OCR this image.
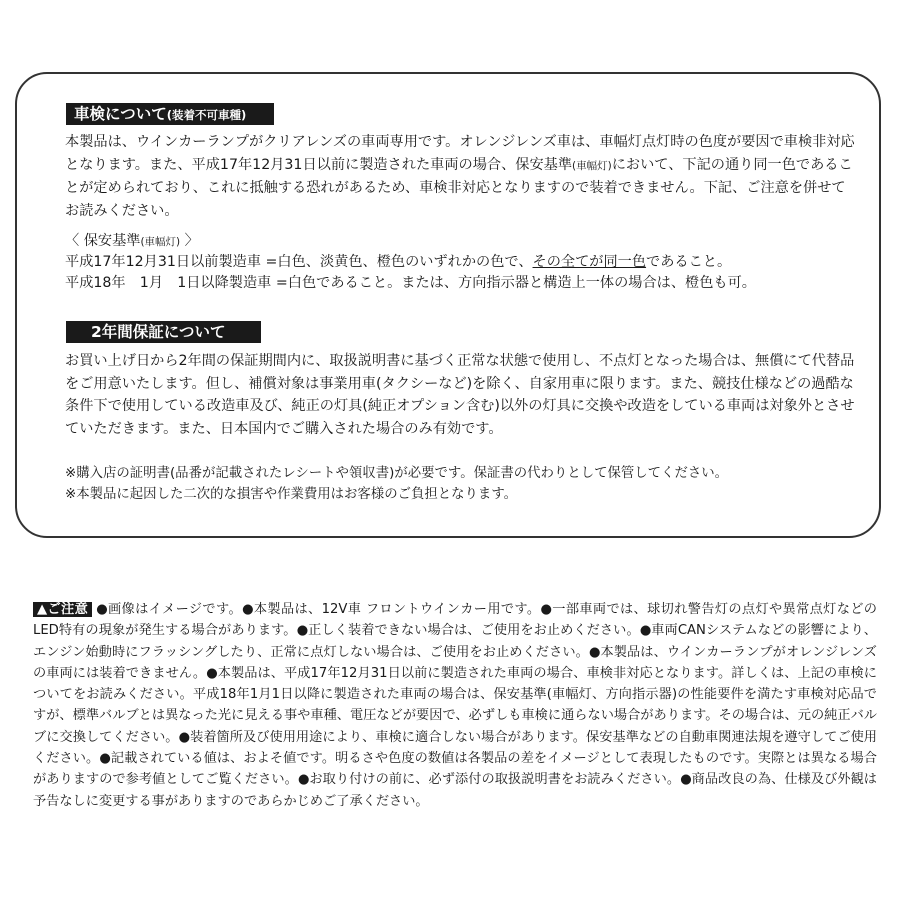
車検について(装着不可車種)

本製品は、ウインカーランプがクリアレンズの車両専用です。オレンジレンズ車は、車幅灯点灯時の色度が要因で車検非対応となります。また、平成17年12月31日以前に製造された車両の場合、保安基準(車幅灯)において、下記の通り同一色であることが定められており、これに抵触する恐れがあるため、車検非対応となりますので装着できません。下記、ご注意を併せてお読みください。

〈 保安基準(車幅灯) 〉
平成17年12月31日以前製造車 =白色、淡黄色、橙色のいずれかの色で、その全てが同一色であること。
平成18年　1月　1日以降製造車 =白色であること。または、方向指示器と構造上一体の場合は、橙色も可。
2年間保証について

お買い上げ日から2年間の保証期間内に、取扱説明書に基づく正常な状態で使用し、不点灯となった場合は、無償にて代替品をご用意いたします。但し、補償対象は事業用車(タクシーなど)を除く、自家用車に限ります。また、競技仕様などの過酷な条件下で使用している改造車及び、純正の灯具(純正オプション含む)以外の灯具に交換や改造をしている車両は対象外とさせていただきます。また、日本国内でご購入された場合のみ有効です。

※購入店の証明書(品番が記載されたレシートや領収書)が必要です。保証書の代わりとして保管してください。
※本製品に起因した二次的な損害や作業費用はお客様のご負担となります。

▲ご注意 ●画像はイメージです。●本製品は、12V車 フロントウインカー用です。●一部車両では、球切れ警告灯の点灯や異常点灯などのLED特有の現象が発生する場合があります。●正しく装着できない場合は、ご使用をお止めください。●車両CANシステムなどの影響により、エンジン始動時にフラッシングしたり、正常に点灯しない場合は、ご使用をお止めください。●本製品は、ウインカーランプがオレンジレンズの車両には装着できません。●本製品は、平成17年12月31日以前に製造された車両の場合、車検非対応となります。詳しくは、上記の車検についてをお読みください。平成18年1月1日以降に製造された車両の場合は、保安基準(車幅灯、方向指示器)の性能要件を満たす車検対応品ですが、標準バルブとは異なった光に見える事や車種、電圧などが要因で、必ずしも車検に通らない場合があります。その場合は、元の純正バルブに交換してください。●装着箇所及び使用用途により、車検に適合しない場合があります。保安基準などの自動車関連法規を遵守してご使用ください。●記載されている値は、およそ値です。明るさや色度の数値は各製品の差をイメージとして表現したものです。実際とは異なる場合がありますので参考値としてご覧ください。●お取り付けの前に、必ず添付の取扱説明書をお読みください。●商品改良の為、仕様及び外観は予告なしに変更する事がありますのであらかじめご了承ください。
